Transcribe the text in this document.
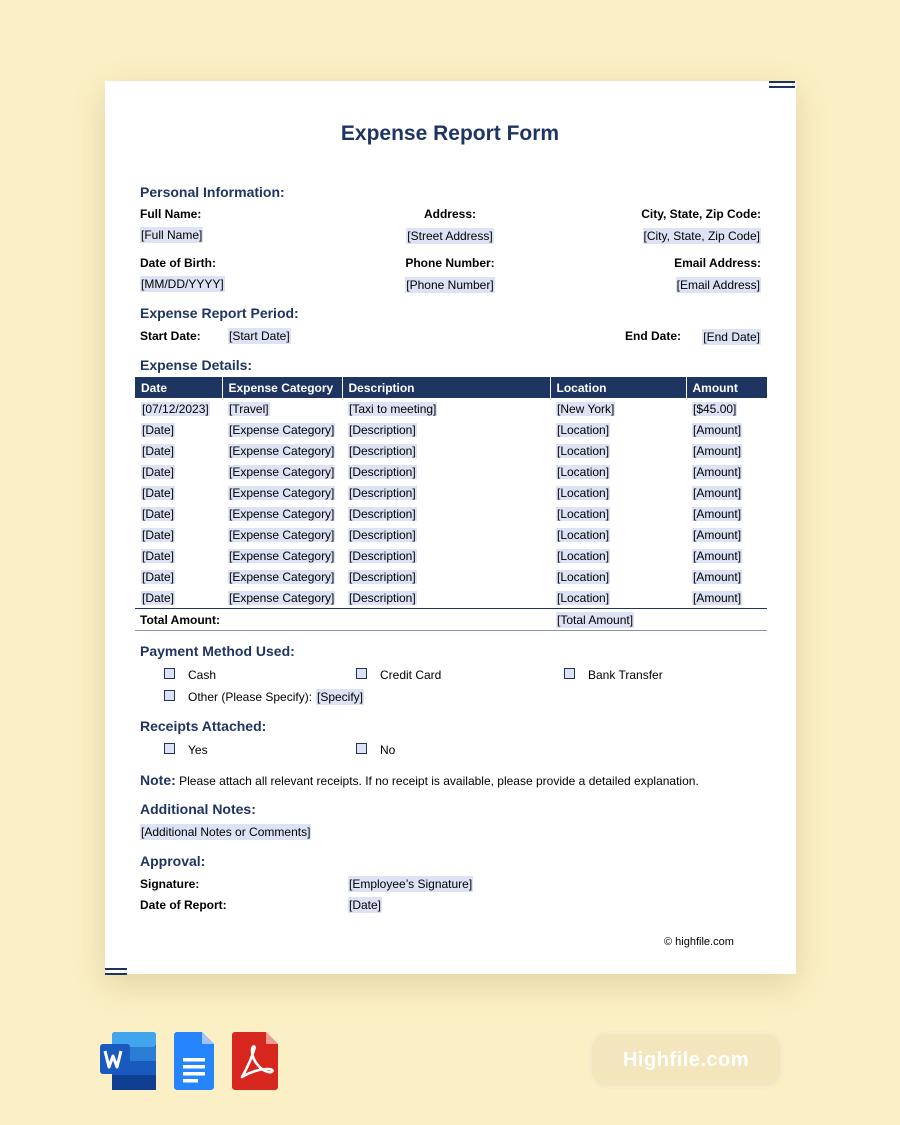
Expense Report Form
Personal Information:
Full Name:	Address:	City, State, Zip Code:
[Full Name]	[Street Address]	[City, State, Zip Code]
Date of Birth:	Phone Number:	Email Address:
[MM/DD/YYYY]	[Phone Number]	[Email Address]
Expense Report Period:
Start Date: [Start Date]	End Date:	[End Date]
Expense Details:
Date	Expense Category	Description	Location	Amount
[07/12/2023]	[Travel]	[Taxi to meeting]	[New York]	[$45.00]
[Date]	[Expense Category]	[Description]	[Location]	[Amount]
[Date]	[Expense Category]	[Description]	[Location]	[Amount]
[Date]	[Expense Category]	[Description]	[Location]	[Amount]
[Date]	[Expense Category]	[Description]	[Location]	[Amount]
[Date]	[Expense Category]	[Description]	[Location]	[Amount]
[Date]	[Expense Category]	[Description]	[Location]	[Amount]
[Date]	[Expense Category]	[Description]	[Location]	[Amount]
[Date]	[Expense Category]	[Description]	[Location]	[Amount]
[Date]	[Expense Category]	[Description]	[Location]	[Amount]
Total Amount:	[Total Amount]
Payment Method Used:
Cash	Credit Card	Bank Transfer
Other (Please Specify): [Specify]
Receipts Attached:
Yes	No
Note: Please attach all relevant receipts. If no receipt is available, please provide a detailed explanation.
Additional Notes:
[Additional Notes or Comments]
Approval:
Signature:	[Employee’s Signature]
Date of Report:	[Date]
© highfile.com
Highfile.com
